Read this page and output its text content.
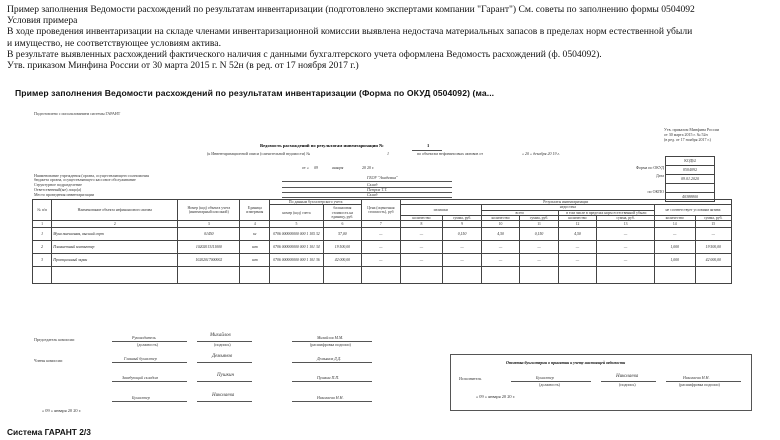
Пример заполнения Ведомости расхождений по результатам инвентаризации (подготовлено экспертами компании "Гарант") См. советы по заполнению формы 0504092
Условия примера
В ходе проведения инвентаризации на складе членами инвентаризационной комиссии выявлена недостача материальных запасов в пределах норм естественной убыли
и имущество, не соответствующее условиям актива.
В результате выявленных расхождений фактического наличия с данными бухгалтерского учета оформлена Ведомость расхождений (ф. 0504092).
Утв. приказом Минфина России от 30 марта 2015 г. N 52н (в ред. от 17 ноября 2017 г.)
Пример заполнения Ведомости расхождений по результатам инвентаризации (Форма по ОКУД 0504092) (ма...
Подготовлено с использованием системы ГАРАНТ
Утв. приказом Минфина России
от 30 марта 2015 г. № 52н
(в ред. от 17 ноября 2017 г.)
Ведомость расхождений по результатам инвентаризации №	1
(к Инвентаризационной описи (сличительной ведомости) №	1	по объектам нефинансовых активов от	« 20 » декабря 20 19 г.
от « 09	января	20 20 г.	Форма по ОКУД
Дата
по ОКПО
КОДЫ
0504092
09.01.2020
40388800
Наименование учреждения (органа, осуществляющего полномочия
бюджета органа, осуществляющего кассовое обслуживание	ГБОУ "Академия"
Структурное подразделение	Склад
Ответственный(ые) лицо(а)	Петров Т.Т.
Место проведения инвентаризации	Склад
№ п/п	Наименование объекта нефинансового актива	Номер (код) объекта учета (инвентарный или иной)	Единица измерения	По данным бухгалтерского учета		Цена (оценочная стоимость), руб	Результаты инвентаризации							
				номер (код) счета	балансовая стоимость на единицу, руб.		излишки		недостача				не соответствует условиям актива	
									всего		в том числе в пределах норм естественной убыли			
							количество	сумма, руб.	количество	сумма, руб.	количество	сумма, руб.	количество	сумма, руб.
1	2	3	4	5	6	7	8	9	10	11	12	13	14	15
1	Мука пшеничная, высший сорт	01450	кг	0706 000000000 000 1 105 32	57,00	—	—	0,150	4,50	0,150	4,50	—	—	—
2	Планшетный компьютер	10202013111000	шт	0706 000000000 000 1 101 34	19 500,00	—	—	—	—	—	—	—	1,000	19 500,00
3	Проекционный экран	10202017000002	шт	0706 000000000 000 1 101 36	42 000,00	—	—	—	—	—	—	—	1,000	42 000,00

Председатель комиссии
Члены комиссии
Руководитель	Михайлов	Михайлов М.М.
(должность)	(подпись)	(расшифровка подписи)
Главный бухгалтер	Демьянов	Демьянов Д.Д.
Заведующий складом	Пушкин	Пушкин П.П.
Бухгалтер	Николаева	Николаева Н.Н.
« 09 » января 20 20 г.
Отметка бухгалтерии о принятии к учету настоящей ведомости
Исполнитель	Бухгалтер	Николаева	Николаева Н.Н.
(должность)	(подпись)	(расшифровка подписи)
« 09 » января 20 20 г.
Система ГАРАНТ 2/3
